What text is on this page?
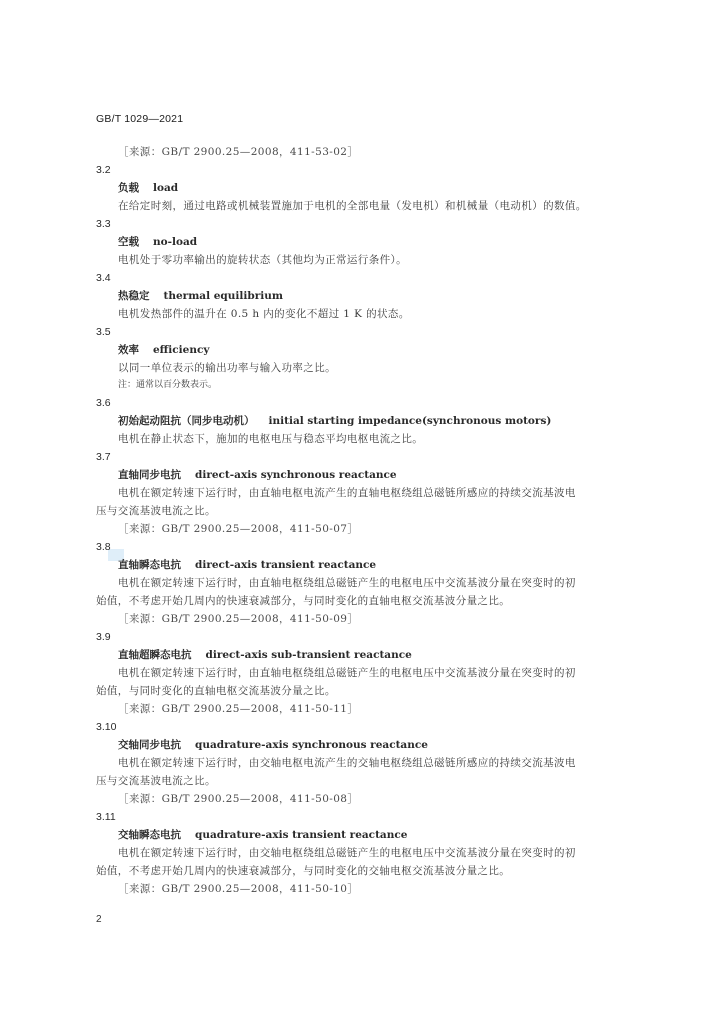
GB/T 1029—2021
［来源：GB/T 2900.25—2008，411-53-02］
3.2
负载 load
在给定时刻，通过电路或机械装置施加于电机的全部电量（发电机）和机械量（电动机）的数值。
3.3
空载 no-load
电机处于零功率输出的旋转状态（其他均为正常运行条件）。
3.4
热稳定 thermal equilibrium
电机发热部件的温升在 0.5 h 内的变化不超过 1 K 的状态。
3.5
效率 efficiency
以同一单位表示的输出功率与输入功率之比。
注：通常以百分数表示。
3.6
初始起动阻抗（同步电动机） initial starting impedance(synchronous motors)
电机在静止状态下，施加的电枢电压与稳态平均电枢电流之比。
3.7
直轴同步电抗 direct-axis synchronous reactance
电机在额定转速下运行时，由直轴电枢电流产生的直轴电枢绕组总磁链所感应的持续交流基波电
压与交流基波电流之比。
［来源：GB/T 2900.25—2008，411-50-07］
3.8
直轴瞬态电抗 direct-axis transient reactance
电机在额定转速下运行时，由直轴电枢绕组总磁链产生的电枢电压中交流基波分量在突变时的初
始值，不考虑开始几周内的快速衰减部分，与同时变化的直轴电枢交流基波分量之比。
［来源：GB/T 2900.25—2008，411-50-09］
3.9
直轴超瞬态电抗 direct-axis sub-transient reactance
电机在额定转速下运行时，由直轴电枢绕组总磁链产生的电枢电压中交流基波分量在突变时的初
始值，与同时变化的直轴电枢交流基波分量之比。
［来源：GB/T 2900.25—2008，411-50-11］
3.10
交轴同步电抗 quadrature-axis synchronous reactance
电机在额定转速下运行时，由交轴电枢电流产生的交轴电枢绕组总磁链所感应的持续交流基波电
压与交流基波电流之比。
［来源：GB/T 2900.25—2008，411-50-08］
3.11
交轴瞬态电抗 quadrature-axis transient reactance
电机在额定转速下运行时，由交轴电枢绕组总磁链产生的电枢电压中交流基波分量在突变时的初
始值，不考虑开始几周内的快速衰减部分，与同时变化的交轴电枢交流基波分量之比。
［来源：GB/T 2900.25—2008，411-50-10］
2
